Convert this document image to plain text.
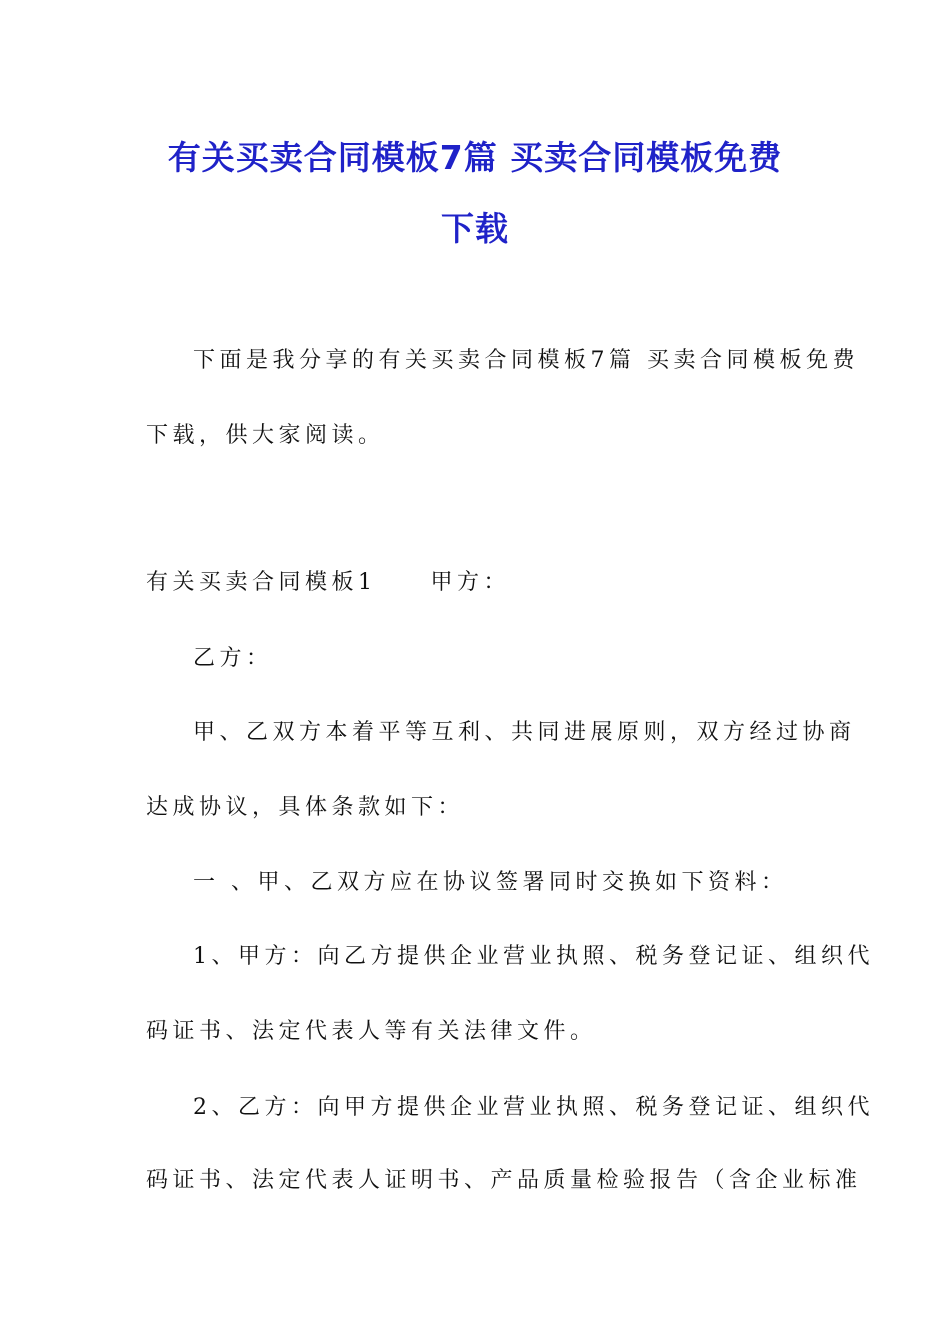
有关买卖合同模板7篇 买卖合同模板免费
下载
下面是我分享的有关买卖合同模板7篇 买卖合同模板免费
下载，供大家阅读。
有关买卖合同模板1 甲方：
乙方：
甲、乙双方本着平等互利、共同进展原则，双方经过协商
达成协议，具体条款如下：
一 、甲、乙双方应在协议签署同时交换如下资料：
1、甲方：向乙方提供企业营业执照、税务登记证、组织代
码证书、法定代表人等有关法律文件。
2、乙方：向甲方提供企业营业执照、税务登记证、组织代
码证书、法定代表人证明书、产品质量检验报告（含企业标准
